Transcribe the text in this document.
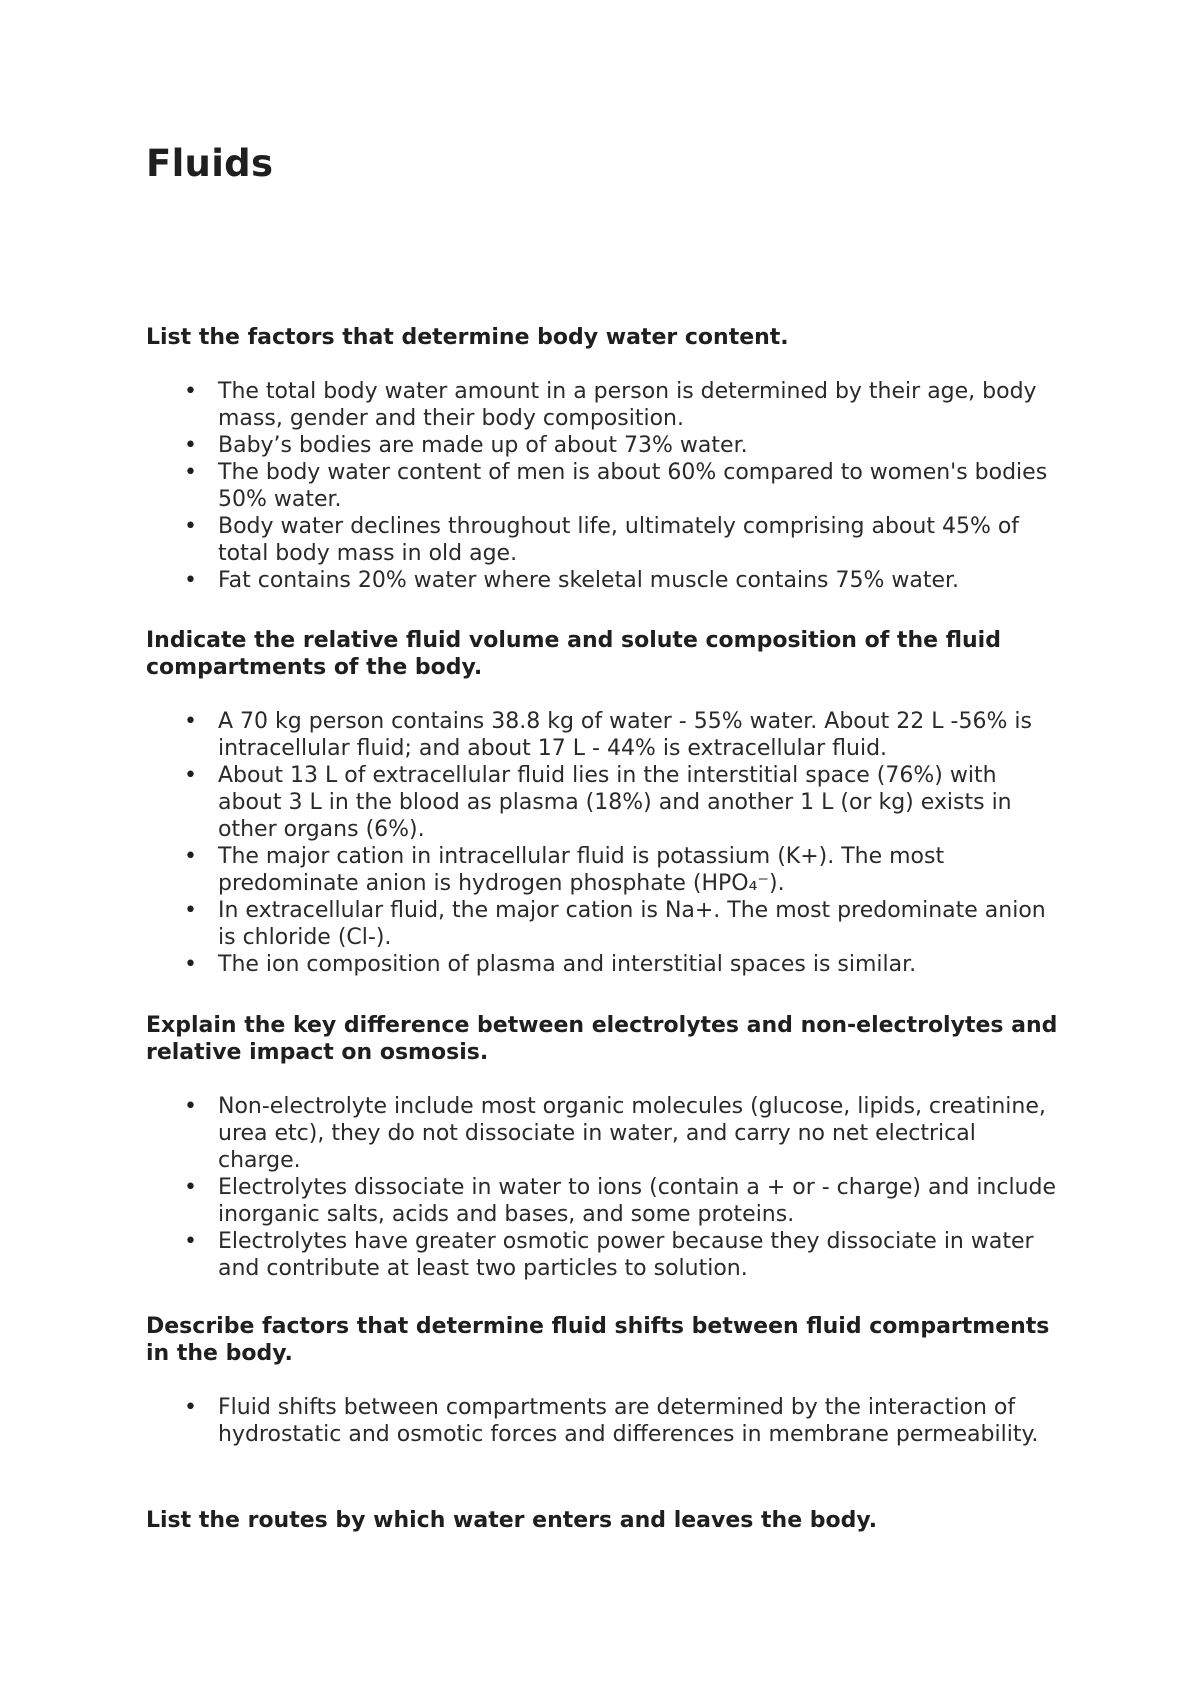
Fluids

List the factors that determine body water content.

• The total body water amount in a person is determined by their age, body mass, gender and their body composition.
• Baby’s bodies are made up of about 73% water.
• The body water content of men is about 60% compared to women's bodies 50% water.
• Body water declines throughout life, ultimately comprising about 45% of total body mass in old age.
• Fat contains 20% water where skeletal muscle contains 75% water.

Indicate the relative fluid volume and solute composition of the fluid compartments of the body.

• A 70 kg person contains 38.8 kg of water - 55% water. About 22 L -56% is intracellular fluid; and about 17 L - 44% is extracellular fluid.
• About 13 L of extracellular fluid lies in the interstitial space (76%) with about 3 L in the blood as plasma (18%) and another 1 L (or kg) exists in other organs (6%).
• The major cation in intracellular fluid is potassium (K+). The most predominate anion is hydrogen phosphate (HPO₄⁻).
• In extracellular fluid, the major cation is Na+. The most predominate anion is chloride (Cl-).
• The ion composition of plasma and interstitial spaces is similar.

Explain the key difference between electrolytes and non-electrolytes and relative impact on osmosis.

• Non-electrolyte include most organic molecules (glucose, lipids, creatinine, urea etc), they do not dissociate in water, and carry no net electrical charge.
• Electrolytes dissociate in water to ions (contain a + or - charge) and include inorganic salts, acids and bases, and some proteins.
• Electrolytes have greater osmotic power because they dissociate in water and contribute at least two particles to solution.

Describe factors that determine fluid shifts between fluid compartments in the body.

• Fluid shifts between compartments are determined by the interaction of hydrostatic and osmotic forces and differences in membrane permeability.

List the routes by which water enters and leaves the body.
